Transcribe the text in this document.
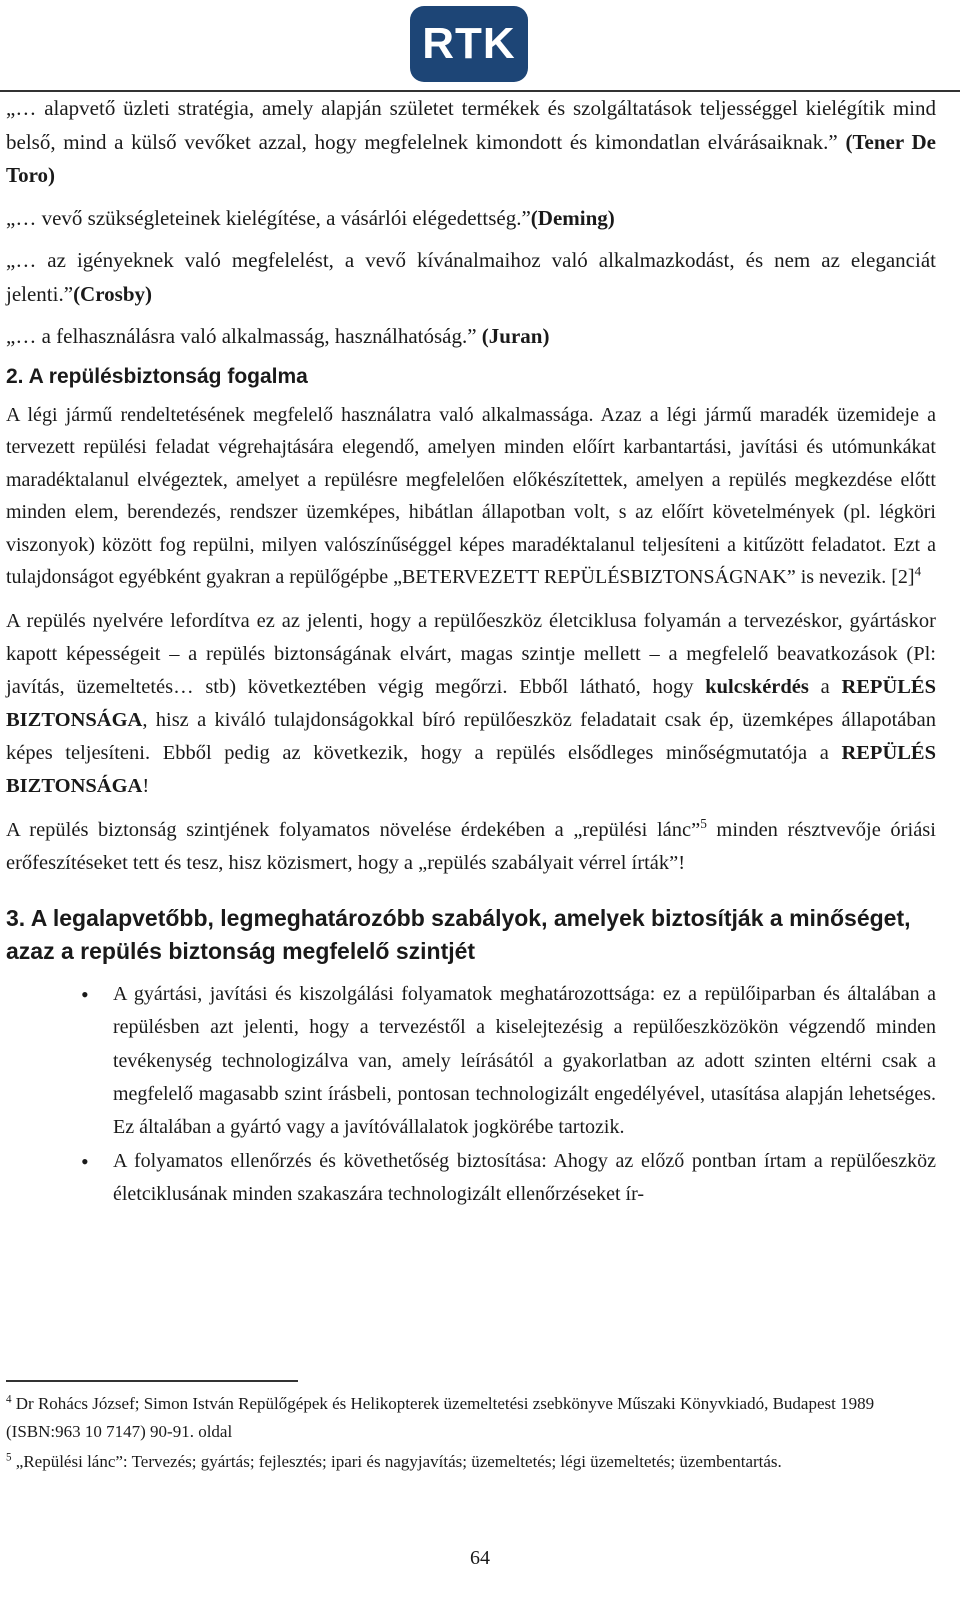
RTK

„… alapvető üzleti stratégia, amely alapján születet termékek és szolgáltatások teljességgel kielégítik mind belső, mind a külső vevőket azzal, hogy megfelelnek kimondott és kimondatlan elvárásaiknak.” (Tener De Toro)

„… vevő szükségleteinek kielégítése, a vásárlói elégedettség.”(Deming)

„… az igényeknek való megfelelést, a vevő kívánalmaihoz való alkalmazkodást, és nem az eleganciát jelenti.”(Crosby)

„… a felhasználásra való alkalmasság, használhatóság.” (Juran)

2. A repülésbiztonság fogalma

A légi jármű rendeltetésének megfelelő használatra való alkalmassága. Azaz a légi jármű maradék üzemideje a tervezett repülési feladat végrehajtására elegendő, amelyen minden előírt karbantartási, javítási és utómunkákat maradéktalanul elvégeztek, amelyet a repülésre megfelelően előkészítettek, amelyen a repülés megkezdése előtt minden elem, berendezés, rendszer üzemképes, hibátlan állapotban volt, s az előírt követelmények (pl. légköri viszonyok) között fog repülni, milyen valószínűséggel képes maradéktalanul teljesíteni a kitűzött feladatot. Ezt a tulajdonságot egyébként gyakran a repülőgépbe „BETERVEZETT REPÜLÉSBIZTONSÁGNAK” is nevezik. $[2]^4$

A repülés nyelvére lefordítva ez az jelenti, hogy a repülőeszköz életciklusa folyamán a tervezéskor, gyártáskor kapott képességeit – a repülés biztonságának elvárt, magas szintje mellett – a megfelelő beavatkozások (Pl: javítás, üzemeltetés… stb) következtében végig megőrzi. Ebből látható, hogy kulcskérdés a REPÜLÉS BIZTONSÁGA, hisz a kiváló tulajdonságokkal bíró repülőeszköz feladatait csak ép, üzemképes állapotában képes teljesíteni. Ebből pedig az következik, hogy a repülés elsődleges minőségmutatója a REPÜLÉS BIZTONSÁGA!

A repülés biztonság szintjének folyamatos növelése érdekében a „repülési lánc”$^5$ minden résztvevője óriási erőfeszítéseket tett és tesz, hisz közismert, hogy a „repülés szabályait vérrel írták”!

3. A legalapvetőbb, legmeghatározóbb szabályok, amelyek biztosítják a minőséget, azaz a repülés biztonság megfelelő szintjét
• A gyártási, javítási és kiszolgálási folyamatok meghatározottsága: ez a repülőiparban és általában a repülésben azt jelenti, hogy a tervezéstől a kiselejtezésig a repülőeszközökön végzendő minden tevékenység technologizálva van, amely leírásától a gyakorlatban az adott szinten eltérni csak a megfelelő magasabb szint írásbeli, pontosan technologizált engedélyével, utasítása alapján lehetséges. Ez általában a gyártó vagy a javítóvállalatok jogkörébe tartozik.
• A folyamatos ellenőrzés és követhetőség biztosítása: Ahogy az előző pontban írtam a repülőeszköz életciklusának minden szakaszára technologizált ellenőrzéseket ír-

$^4$ Dr Rohács József; Simon István Repülőgépek és Helikopterek üzemeltetési zsebkönyve Műszaki Könyvkiadó, Budapest 1989 (ISBN:963 10 7147) 90-91. oldal

$^5$ „Repülési lánc”: Tervezés; gyártás; fejlesztés; ipari és nagyjavítás; üzemeltetés; légi üzemeltetés; üzembentartás.

64
